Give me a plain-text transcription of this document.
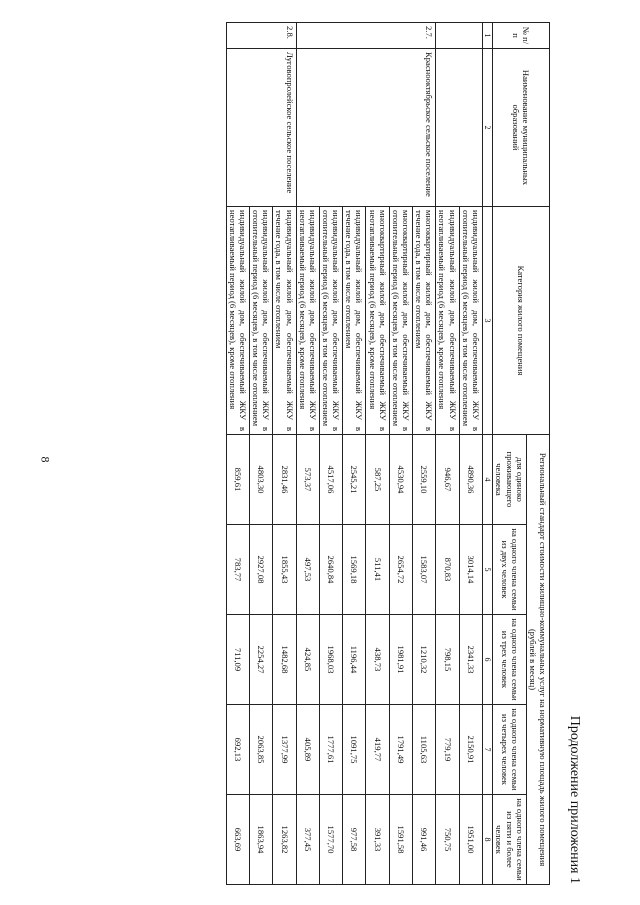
8
Продолжение приложения 1
№ п/п	Наименование муниципальных образований	Категория жилого помещения	Региональный стандарт стоимости жилищно-коммунальных услуг на нормативную площадь жилого помещения (рублей в месяц)				
			для одиноко проживающего человека	на одного члена семьи из двух человек	на одного члена семьи из трех человек	на одного члена семьи из четырех человек	на одного члена семьи из пяти и более человек
1	2	3	4	5	6	7	8
		индивидуальный жилой дом, обеспечиваемый ЖКУ в отопительный период (6 месяцев), в том числе отоплением	4890,36	3014,14	2341,33	2150,91	1951,00
		индивидуальный жилой дом, обеспечиваемый ЖКУ в неотапливаемый период (6 месяцев), кроме отопления	946,67	870,83	798,15	779,19	750,75
2.7.	Краснооктябрьское сельское поселение	многоквартирный жилой дом, обеспечиваемый ЖКУ в течение года, в том числе отоплением	2559,10	1583,07	1210,32	1105,63	991,46
		многоквартирный жилой дом, обеспечиваемый ЖКУ в отопительный период (6 месяцев), в том числе отоплением	4530,94	2654,72	1981,91	1791,49	1591,58
		многоквартирный жилой дом, обеспечиваемый ЖКУ в неотапливаемый период (6 месяцев), кроме отопления	587,25	511,41	438,73	419,77	391,33
		индивидуальный жилой дом, обеспечиваемый ЖКУ в течение года, в том числе отоплением	2545,21	1569,18	1196,44	1091,75	977,58
		индивидуальный жилой дом, обеспечиваемый ЖКУ в отопительный период (6 месяцев), в том числе отоплением	4517,06	2640,84	1968,03	1777,61	1577,70
		индивидуальный жилой дом, обеспечиваемый ЖКУ в неотапливаемый период (6 месяцев), кроме отопления	573,37	497,53	424,85	405,89	377,45
2.8.	Луговопролейское сельское поселение	индивидуальный жилой дом, обеспечиваемый ЖКУ в течение года, в том числе отоплением	2831,46	1855,43	1482,68	1377,99	1263,82
		индивидуальный жилой дом, обеспечиваемый ЖКУ в отопительный период (6 месяцев), в том числе отоплением	4803,30	2927,08	2254,27	2063,85	1863,94
		индивидуальный жилой дом, обеспечиваемый ЖКУ в неотапливаемый период (6 месяцев), кроме отопления	859,61	783,77	711,09	692,13	663,69
